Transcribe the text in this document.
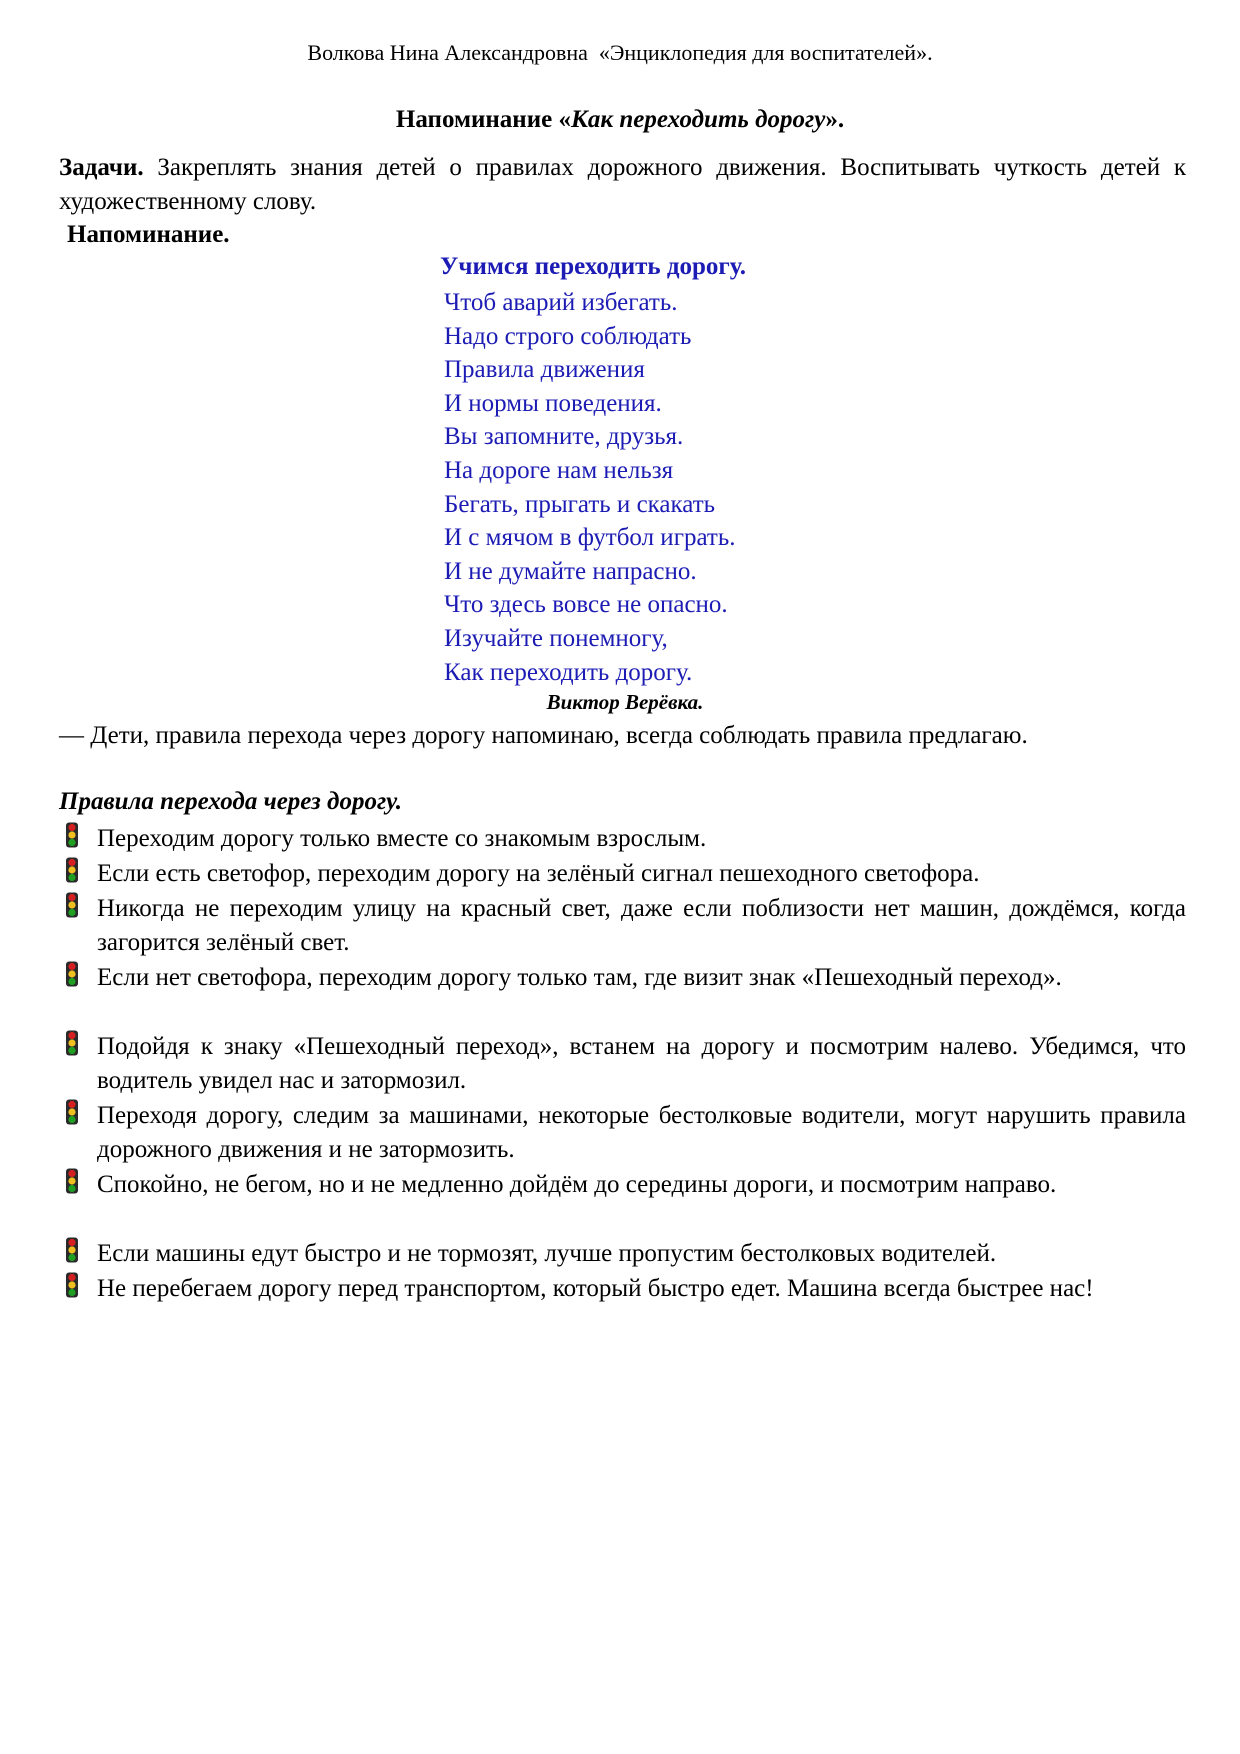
Волкова Нина Александровна  «Энциклопедия для воспитателей».
Напоминание «Как переходить дорогу».
Задачи. Закреплять знания детей о правилах дорожного движения. Воспитывать чуткость детей к художественному слову.
Напоминание.
Учимся переходить дорогу.
Чтоб аварий избегать.
Надо строго соблюдать
Правила движения
И нормы поведения.
Вы запомните, друзья.
На дороге нам нельзя
Бегать, прыгать и скакать
И с мячом в футбол играть.
И не думайте напрасно.
Что здесь вовсе не опасно.
Изучайте понемногу,
Как переходить дорогу.
Виктор Верёвка.
— Дети, правила перехода через дорогу напоминаю, всегда соблюдать правила предлагаю.
Правила перехода через дорогу.
Переходим дорогу только вместе со знакомым взрослым.
Если есть светофор, переходим дорогу на зелёный сигнал пешеходного светофора.
Никогда не переходим улицу на красный свет, даже если поблизости нет машин, дождёмся, когда загорится зелёный свет.
Если нет светофора, переходим дорогу только там, где визит знак «Пешеходный переход».
Подойдя к знаку «Пешеходный переход», встанем на дорогу и посмотрим налево. Убедимся, что водитель увидел нас и затормозил.
Переходя дорогу, следим за машинами, некоторые бестолковые водители, могут нарушить правила дорожного движения и не затормозить.
Спокойно, не бегом, но и не медленно дойдём до середины дороги, и посмотрим направо.
Если машины едут быстро и не тормозят, лучше пропустим бестолковых водителей.
Не перебегаем дорогу перед транспортом, который быстро едет. Машина всегда быстрее нас!
